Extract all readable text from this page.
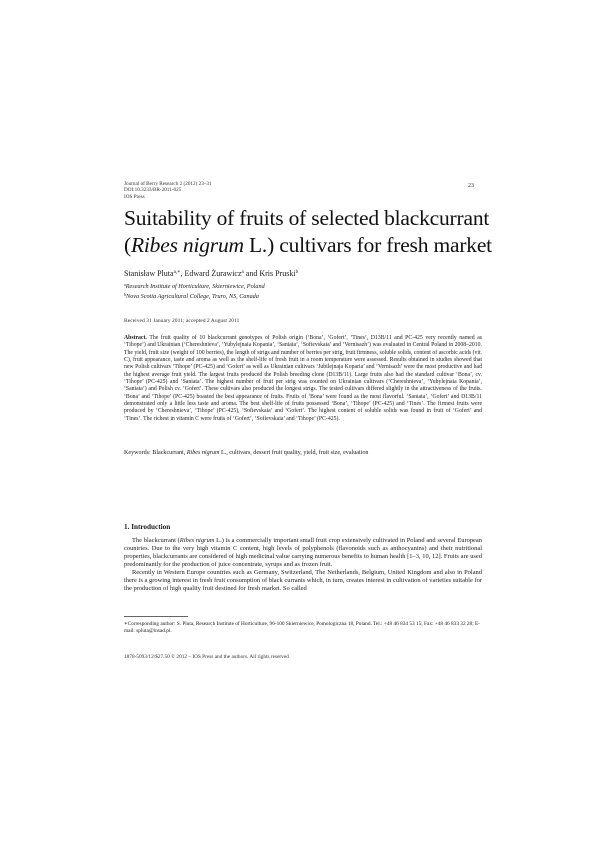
Journal of Berry Research 2 (2012) 23–31
DOI:10.3233/BR-2011-025
IOS Press
23
Suitability of fruits of selected blackcurrant
(Ribes nigrum L.) cultivars for fresh market
Stanisław Pluta$^{a,∗}$, Edward Żurawicz$^a$ and Kris Pruski$^b$
$^a$Research Institute of Horticulture, Skierniewice, Poland
$^b$Nova Scotia Agricultural College, Truro, NS, Canada
Received 31 January 2011; accepted 2 August 2011
Abstract. The fruit quality of 10 blackcurrant genotypes of Polish origin (‘Bona’, ‘Gofert’, ‘Tines’, D13B/11 and PC-425 very recently named as ‘Tihope’) and Ukrainian (‘Chereshnieva’, ‘Yubylejnaia Kopania’, ‘Saniata’, ‘Sofievskaia’ and ‘Vernisazh’) was evaluated in Central Poland in 2008–2010. The yield, fruit size (weight of 100 berries), the length of strigs and number of berries per strig, fruit firmness, soluble solids, content of ascorbic acids (vit. C), fruit appearance, taste and aroma as well as the shelf-life of fresh fruit in a room temperature were assessed. Results obtained in studies showed that new Polish cultivars ‘Tihope’ (PC-425) and ‘Gofert’ as well as Ukrainian cultivars ‘Jubilejnaja Koparia’ and ‘Vernisazh’ were the most productive and had the highest average fruit yield. The largest fruits produced the Polish breeding clone (D13B/11). Large fruits also had the standard cultivar ‘Bona’, cv. ‘Tihope’ (PC-425) and ‘Saniata’. The highest number of fruit per strig was counted on Ukrainian cultivars (‘Chereshnieva’, ‘Yubylejnaia Kopania’, ‘Saniata’) and Polish cv. ‘Gofert’. These cultivars also produced the longest strigs. The tested cultivars differed slightly in the attractiveness of the fruits. ‘Bona’ and ‘Tihope’ (PC-425) boasted the best appearance of fruits. Fruits of ‘Bona’ were found as the most flavorful. ‘Saniata’, ‘Gofert’ and D13B/11 demonstrated only a little less taste and aroma. The best shelf-life of fruits possessed ‘Bona’, ‘Tihope’ (PC-425) and ‘Tines’. The firmest fruits were produced by ‘Chereshnieva’, ‘Tihope’ (PC-425), ‘Sofievskaia’ and ‘Gofert’. The highest content of soluble solids was found in fruit of ‘Gofert’ and ‘Tines’. The richest in vitamin C were fruits of ‘Gofert’, ‘Sofievskaia’ and ‘Tihope’ (PC-425).
Keywords: Blackcurrant, Ribes nigrum L., cultivars, dessert fruit quality, yield, fruit size, evaluation
1. Introduction

The blackcurrant (Ribes nigrum L.) is a commercially important small fruit crop extensively cultivated in Poland and several European countries. Due to the very high vitamin C content, high levels of polyphenols (flavonoids such as anthocyanins) and their nutritional properties, blackcurrants are considered of high medicinal value carrying numerous benefits to human health [1–3, 10, 12]. Fruits are used predominantly for the production of juice concentrate, syrups and as frozen fruit.

Recently in Western Europe countries such as Germany, Switzerland, The Netherlands, Belgium, United Kingdom and also in Poland there is a growing interest in fresh fruit consumption of black currants which, in turn, creates interest in cultivation of varieties suitable for the production of high quality fruit destined for fresh market. So called

∗Corresponding author: S. Pluta, Research Institute of Horticulture, 96-100 Skierniewice, Pomologiczna 18, Poland. Tel.: +48 46 834 53 15; Fax: +48 46 833 32 28; E-mail: spluta@insad.pl.
1878-5093/12/$27.50 © 2012 – IOS Press and the authors. All rights reserved
